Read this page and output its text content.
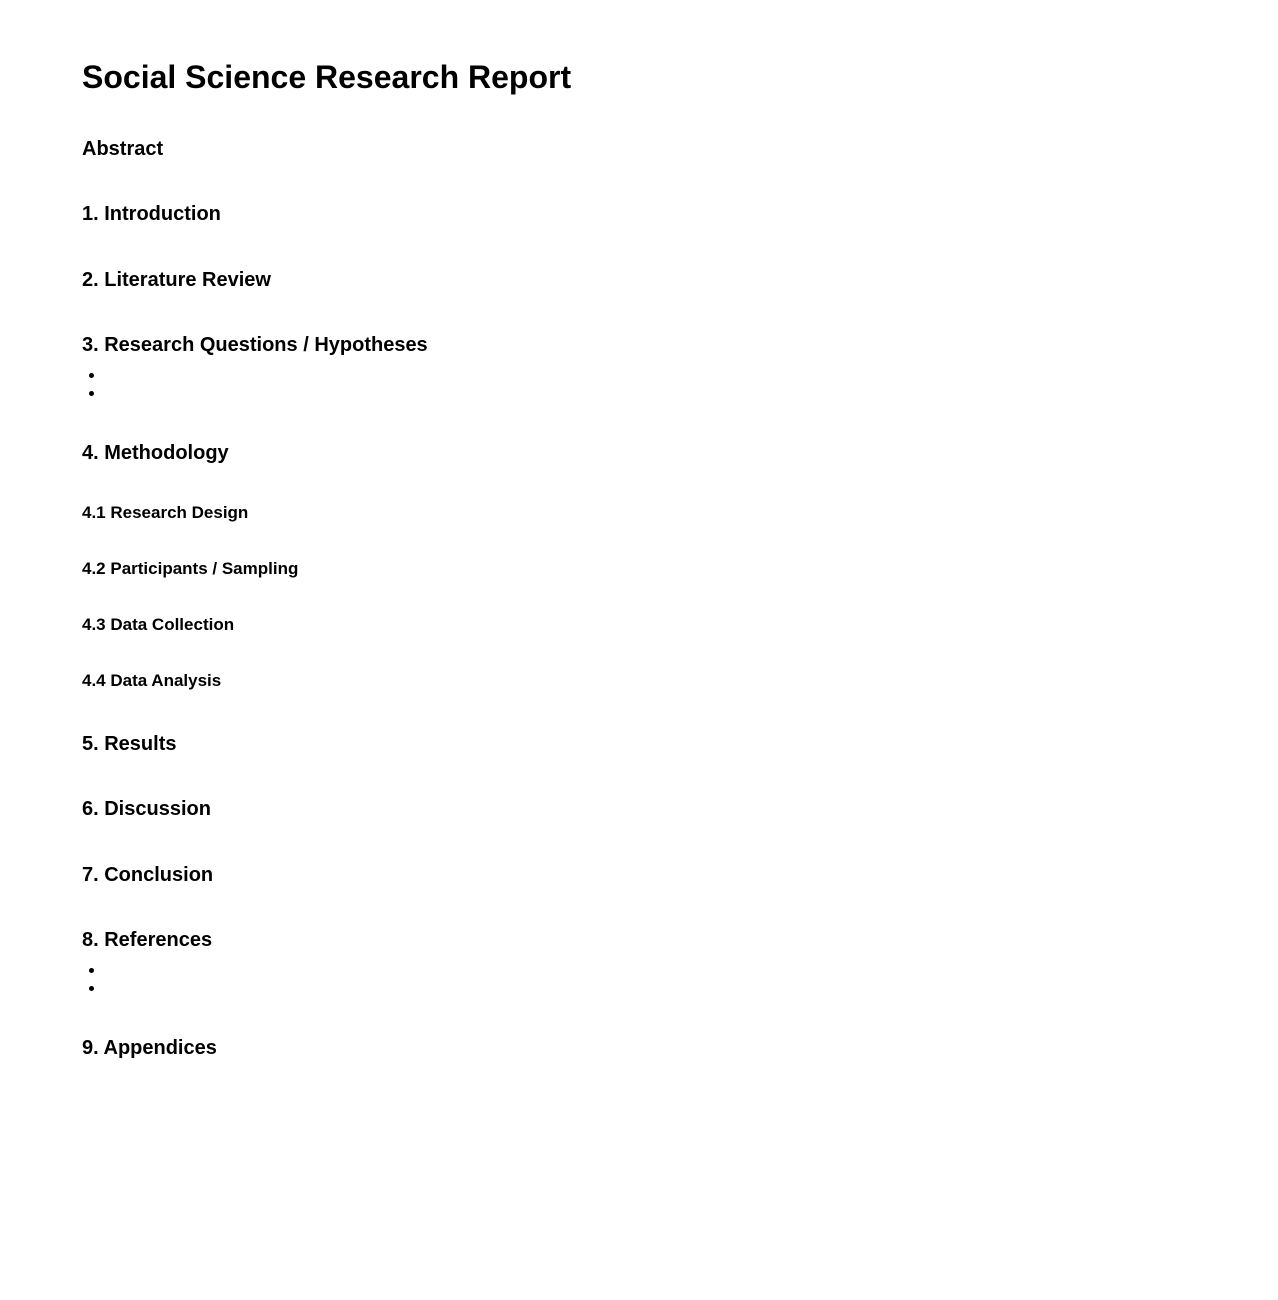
Social Science Research Report
Abstract
1. Introduction
2. Literature Review
3. Research Questions / Hypotheses
4. Methodology
4.1 Research Design
4.2 Participants / Sampling
4.3 Data Collection
4.4 Data Analysis
5. Results
6. Discussion
7. Conclusion
8. References
9. Appendices
